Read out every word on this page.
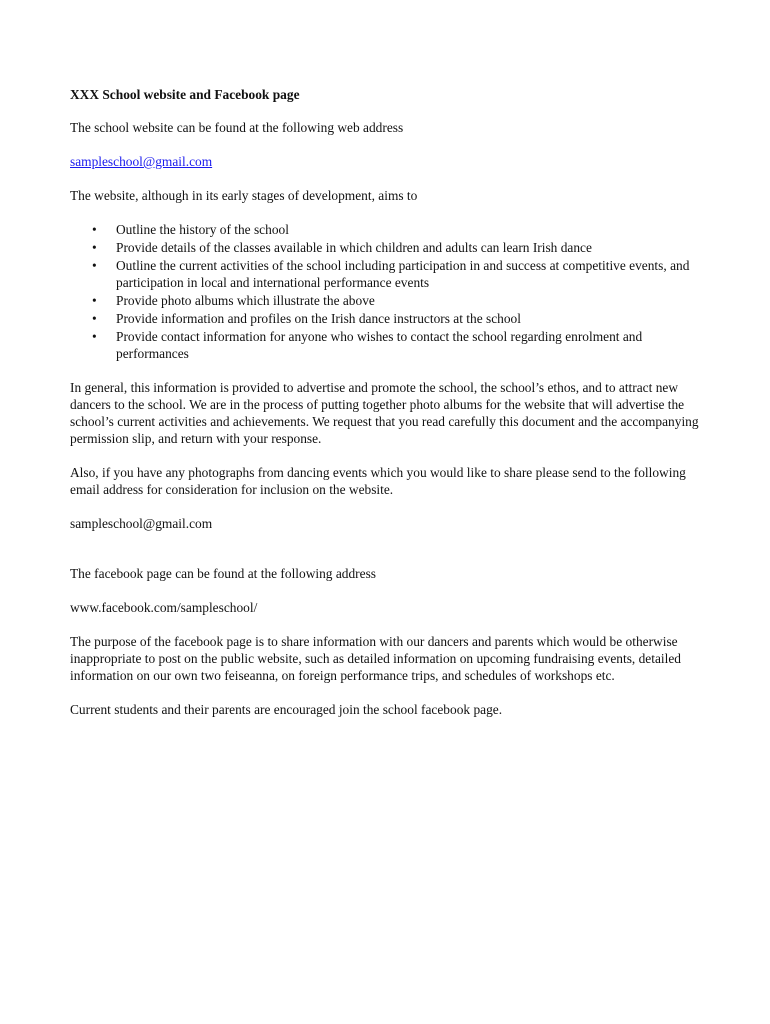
XXX School website and Facebook page

The school website can be found at the following web address

sampleschool@gmail.com

The website, although in its early stages of development, aims to

• Outline the history of the school
• Provide details of the classes available in which children and adults can learn Irish dance
• Outline the current activities of the school including participation in and success at competitive events, and participation in local and international performance events
• Provide photo albums which illustrate the above
• Provide information and profiles on the Irish dance instructors at the school
• Provide contact information for anyone who wishes to contact the school regarding enrolment and performances

In general, this information is provided to advertise and promote the school, the school’s ethos, and to attract new dancers to the school. We are in the process of putting together photo albums for the website that will advertise the school’s current activities and achievements. We request that you read carefully this document and the accompanying permission slip, and return with your response.

Also, if you have any photographs from dancing events which you would like to share please send to the following email address for consideration for inclusion on the website.

sampleschool@gmail.com

The facebook page can be found at the following address

www.facebook.com/sampleschool/

The purpose of the facebook page is to share information with our dancers and parents which would be otherwise inappropriate to post on the public website, such as detailed information on upcoming fundraising events, detailed information on our own two feiseanna, on foreign performance trips, and schedules of workshops etc.

Current students and their parents are encouraged join the school facebook page.
